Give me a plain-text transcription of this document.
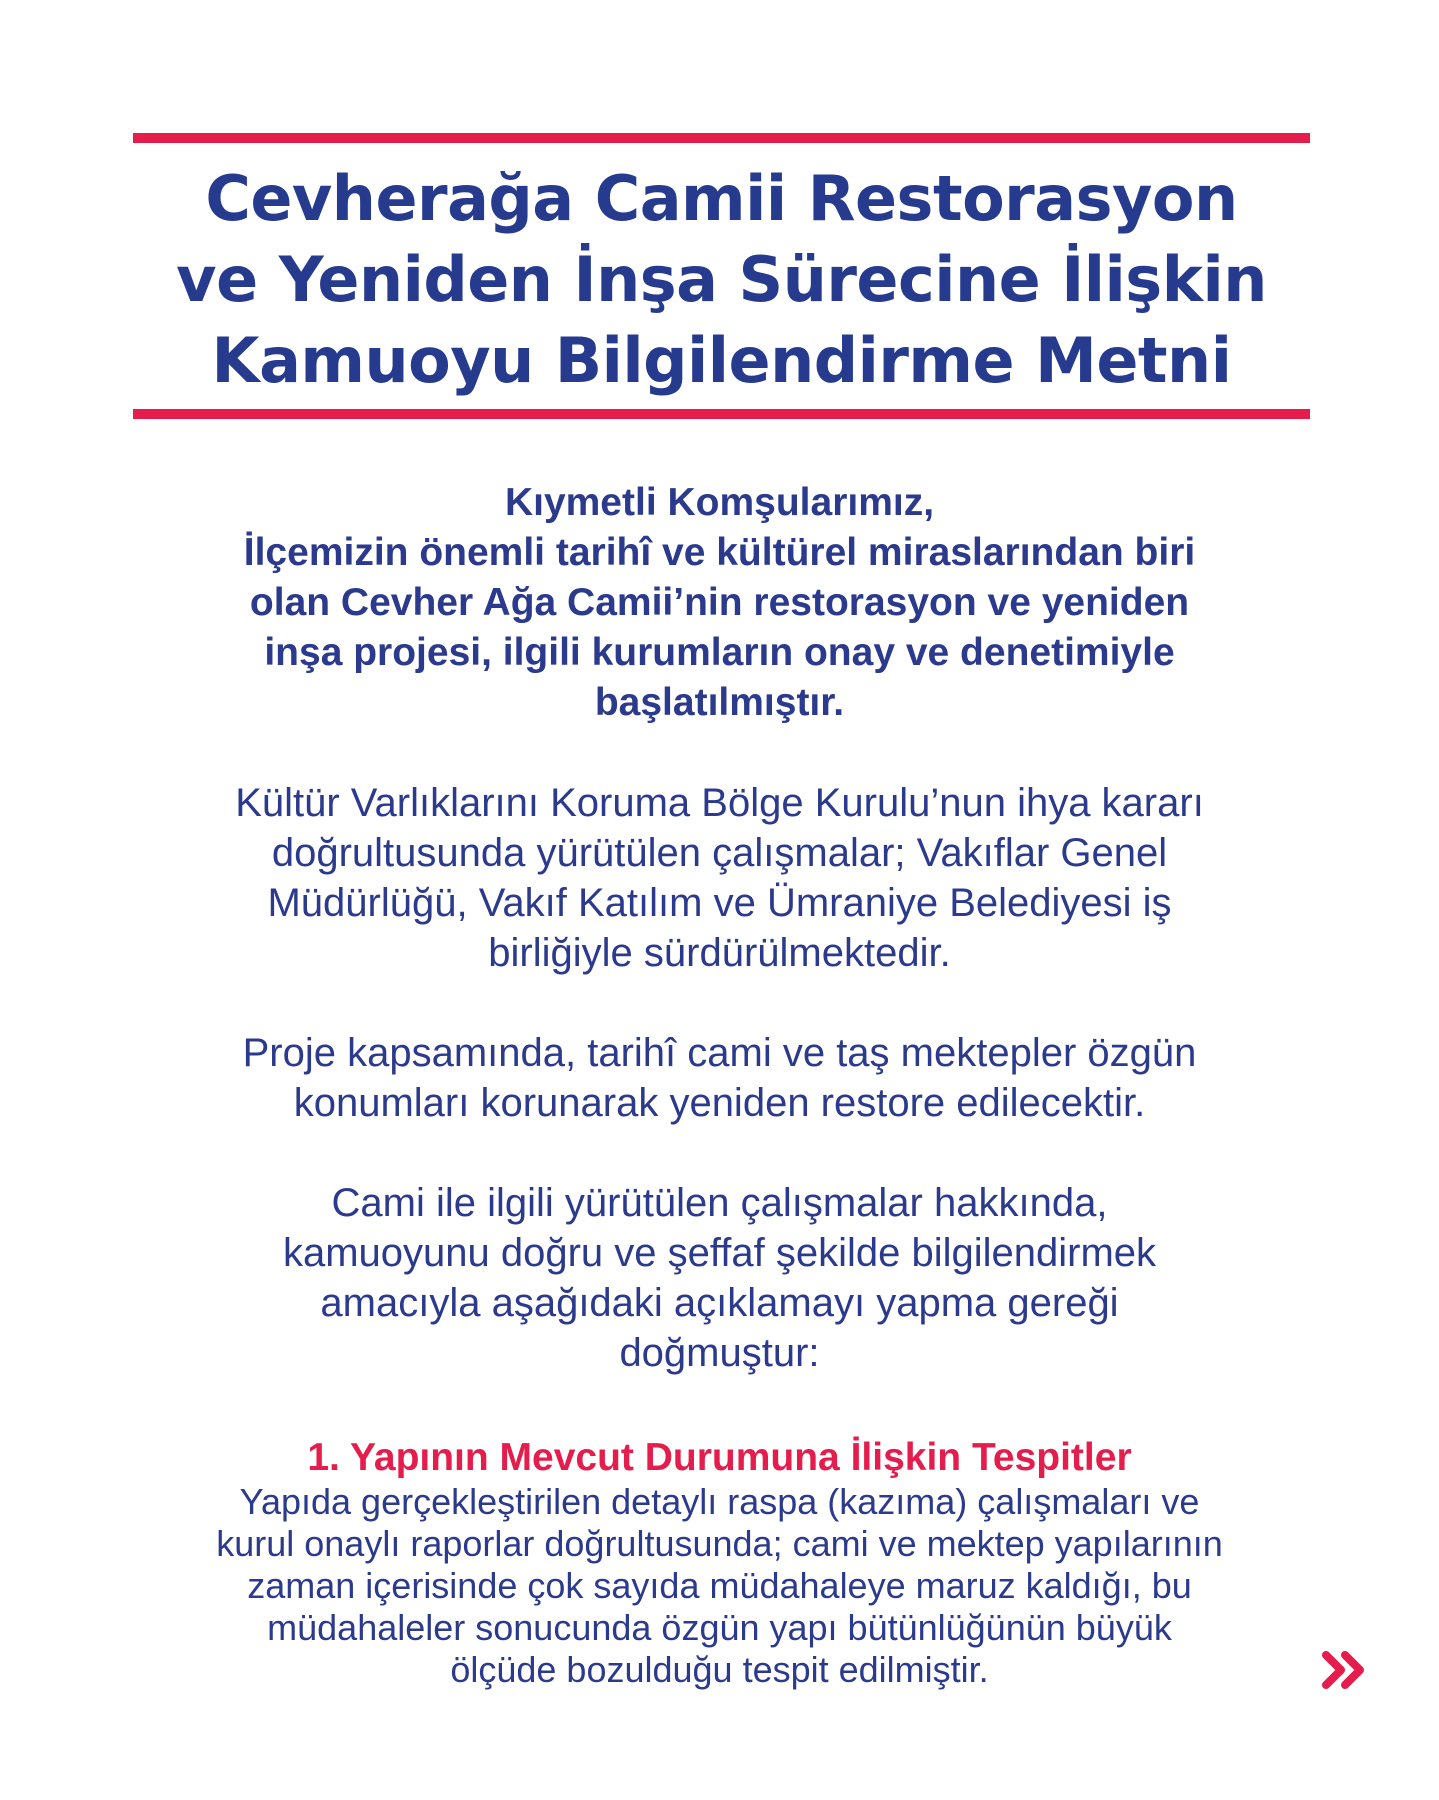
Cevherağa Camii Restorasyon
ve Yeniden İnşa Sürecine İlişkin
Kamuoyu Bilgilendirme Metni
Kıymetli Komşularımız,
İlçemizin önemli tarihî ve kültürel miraslarından biri
olan Cevher Ağa Camii’nin restorasyon ve yeniden
inşa projesi, ilgili kurumların onay ve denetimiyle
başlatılmıştır.

Kültür Varlıklarını Koruma Bölge Kurulu’nun ihya kararı
doğrultusunda yürütülen çalışmalar; Vakıflar Genel
Müdürlüğü, Vakıf Katılım ve Ümraniye Belediyesi iş
birliğiyle sürdürülmektedir.

Proje kapsamında, tarihî cami ve taş mektepler özgün
konumları korunarak yeniden restore edilecektir.

Cami ile ilgili yürütülen çalışmalar hakkında,
kamuoyunu doğru ve şeffaf şekilde bilgilendirmek
amacıyla aşağıdaki açıklamayı yapma gereği
doğmuştur:

1. Yapının Mevcut Durumuna İlişkin Tespitler
Yapıda gerçekleştirilen detaylı raspa (kazıma) çalışmaları ve
kurul onaylı raporlar doğrultusunda; cami ve mektep yapılarının
zaman içerisinde çok sayıda müdahaleye maruz kaldığı, bu
müdahaleler sonucunda özgün yapı bütünlüğünün büyük
ölçüde bozulduğu tespit edilmiştir.
